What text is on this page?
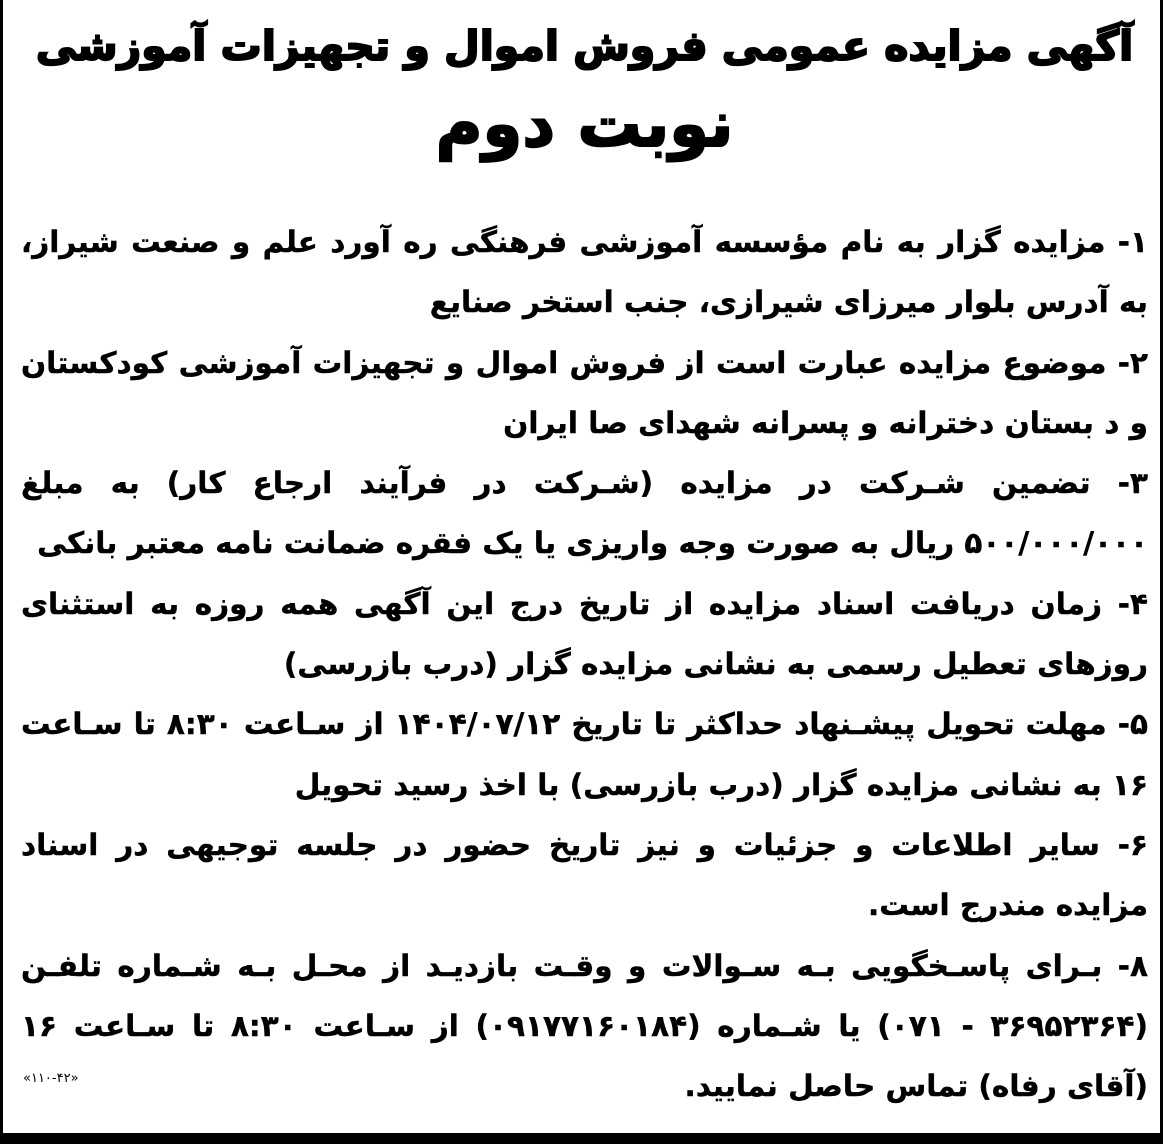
آگهی مزایده عمومی فروش اموال و تجهیزات آموزشی
نوبت دوم

۱- مزایده گزار به نام مؤسسه آموزشی فرهنگی ره آورد علم و صنعت شیراز، به آدرس بلوار میرزای شیرازی، جنب استخر صنایع

۲- موضوع مزایده عبارت است از فروش اموال و تجهیزات آموزشی کودکستان و د بستان دخترانه و پسرانه شهدای صا ایران

۳- تضمین شـرکت در مزایده (شـرکت در فرآیند ارجاع کار) به مبلغ ۵۰۰/۰۰۰/۰۰۰ ریال به صورت وجه واریزی یا یک فقره ضمانت نامه معتبر بانکی

۴- زمان دریافت اسناد مزایده از تاریخ درج این آگهی همه روزه به استثنای روزهای تعطیل رسمی به نشانی مزایده گزار (درب بازرسی)

۵- مهلت تحویل پیشـنهاد حداکثر تا تاریخ ۱۴۰۴/۰۷/۱۲ از سـاعت ۸:۳۰ تا سـاعت ۱۶ به نشانی مزایده گزار (درب بازرسی) با اخذ رسید تحویل

۶- سایر اطلاعات و جزئیات و نیز تاریخ حضور در جلسه توجیهی در اسناد مزایده مندرج است.

۸- بـرای پاسـخگویی بـه سـوالات و وقـت بازدیـد از محـل بـه شـماره تلفـن (۳۶۹۵۲۳۶۴ - ۰۷۱) یا شـماره (۰۹۱۷۷۱۶۰۱۸۴) از سـاعت ۸:۳۰ تا سـاعت ۱۶ (آقای رفاه) تماس حاصل نمایید.

«۱۱۰-۴۲»
